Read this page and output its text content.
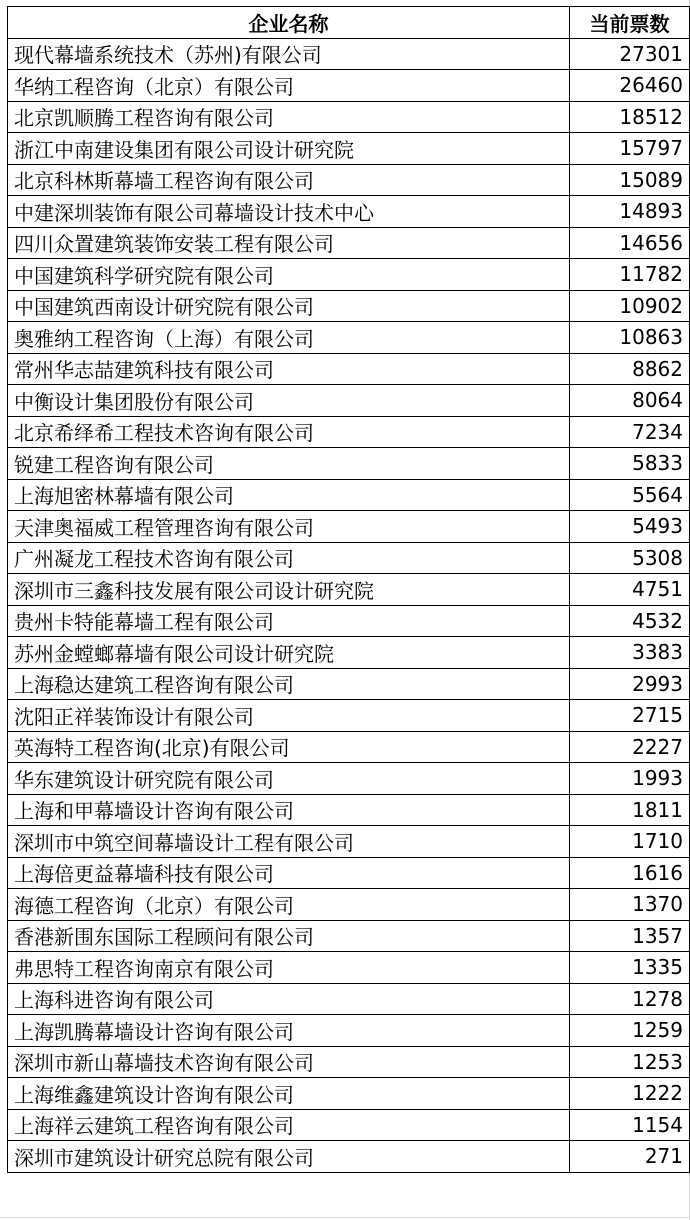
企业名称	当前票数
现代幕墙系统技术（苏州)有限公司	27301
华纳工程咨询（北京）有限公司	26460
北京凯顺腾工程咨询有限公司	18512
浙江中南建设集团有限公司设计研究院	15797
北京科林斯幕墙工程咨询有限公司	15089
中建深圳装饰有限公司幕墙设计技术中心	14893
四川众置建筑装饰安装工程有限公司	14656
中国建筑科学研究院有限公司	11782
中国建筑西南设计研究院有限公司	10902
奥雅纳工程咨询（上海）有限公司	10863
常州华志喆建筑科技有限公司	8862
中衡设计集团股份有限公司	8064
北京希绎希工程技术咨询有限公司	7234
锐建工程咨询有限公司	5833
上海旭密林幕墙有限公司	5564
天津奥福威工程管理咨询有限公司	5493
广州凝龙工程技术咨询有限公司	5308
深圳市三鑫科技发展有限公司设计研究院	4751
贵州卡特能幕墙工程有限公司	4532
苏州金螳螂幕墙有限公司设计研究院	3383
上海稳达建筑工程咨询有限公司	2993
沈阳正祥装饰设计有限公司	2715
英海特工程咨询(北京)有限公司	2227
华东建筑设计研究院有限公司	1993
上海和甲幕墙设计咨询有限公司	1811
深圳市中筑空间幕墙设计工程有限公司	1710
上海倍更益幕墙科技有限公司	1616
海德工程咨询（北京）有限公司	1370
香港新围东国际工程顾问有限公司	1357
弗思特工程咨询南京有限公司	1335
上海科进咨询有限公司	1278
上海凯腾幕墙设计咨询有限公司	1259
深圳市新山幕墙技术咨询有限公司	1253
上海维鑫建筑设计咨询有限公司	1222
上海祥云建筑工程咨询有限公司	1154
深圳市建筑设计研究总院有限公司	271
